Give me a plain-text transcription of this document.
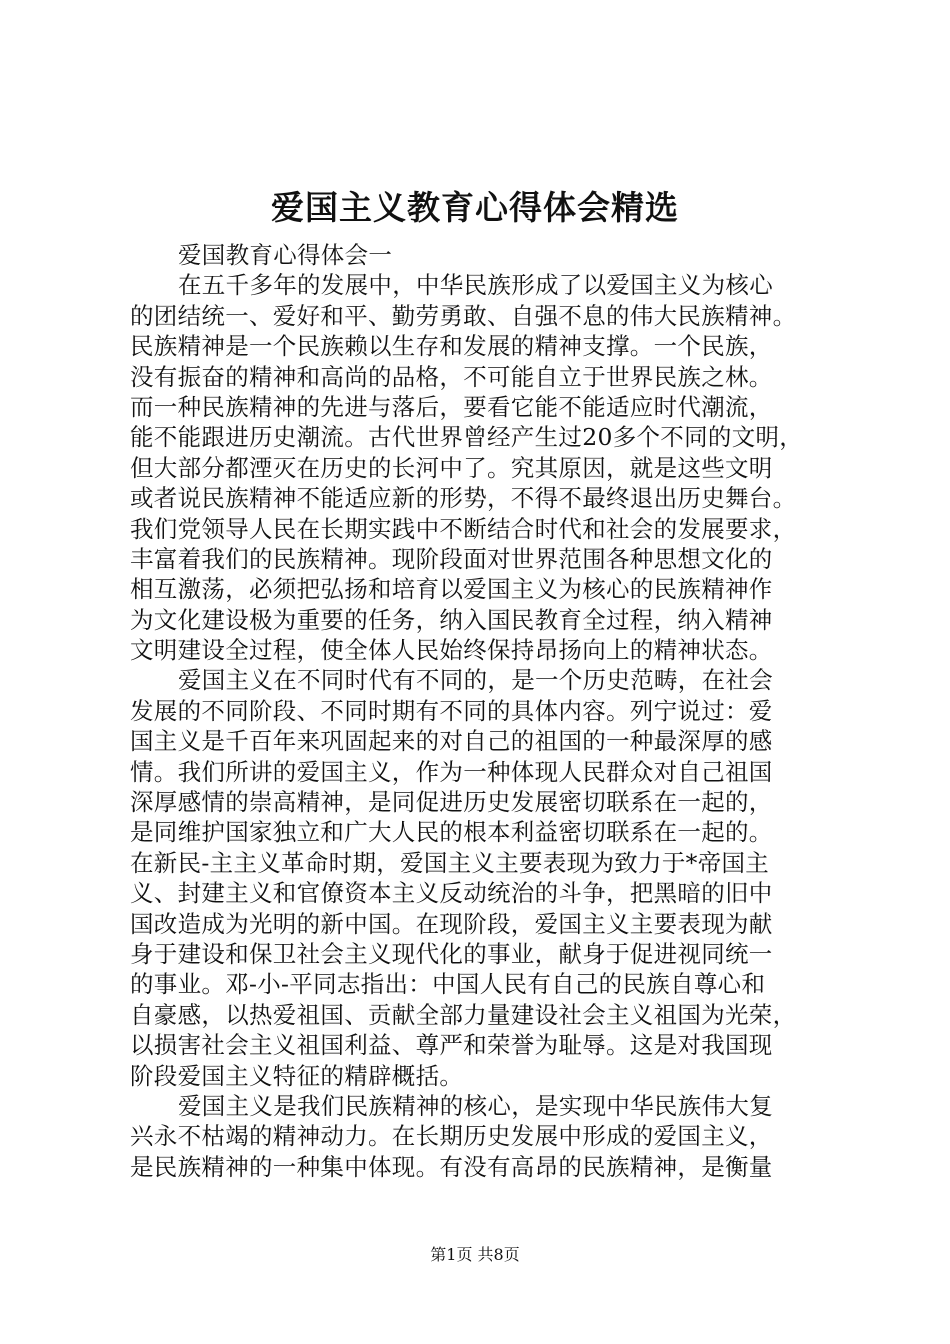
爱国主义教育心得体会精选
爱国教育心得体会一
在五千多年的发展中，中华民族形成了以爱国主义为核心
的团结统一、爱好和平、勤劳勇敢、自强不息的伟大民族精神。
民族精神是一个民族赖以生存和发展的精神支撑。一个民族，
没有振奋的精神和高尚的品格，不可能自立于世界民族之林。
而一种民族精神的先进与落后，要看它能不能适应时代潮流，
能不能跟进历史潮流。古代世界曾经产生过20多个不同的文明，
但大部分都湮灭在历史的长河中了。究其原因，就是这些文明
或者说民族精神不能适应新的形势，不得不最终退出历史舞台。
我们党领导人民在长期实践中不断结合时代和社会的发展要求，
丰富着我们的民族精神。现阶段面对世界范围各种思想文化的
相互激荡，必须把弘扬和培育以爱国主义为核心的民族精神作
为文化建设极为重要的任务，纳入国民教育全过程，纳入精神
文明建设全过程，使全体人民始终保持昂扬向上的精神状态。
爱国主义在不同时代有不同的，是一个历史范畴，在社会
发展的不同阶段、不同时期有不同的具体内容。列宁说过：爱
国主义是千百年来巩固起来的对自己的祖国的一种最深厚的感
情。我们所讲的爱国主义，作为一种体现人民群众对自己祖国
深厚感情的崇高精神，是同促进历史发展密切联系在一起的，
是同维护国家独立和广大人民的根本利益密切联系在一起的。
在新民-主主义革命时期，爱国主义主要表现为致力于*帝国主
义、封建主义和官僚资本主义反动统治的斗争，把黑暗的旧中
国改造成为光明的新中国。在现阶段，爱国主义主要表现为献
身于建设和保卫社会主义现代化的事业，献身于促进视同统一
的事业。邓-小-平同志指出：中国人民有自己的民族自尊心和
自豪感，以热爱祖国、贡献全部力量建设社会主义祖国为光荣，
以损害社会主义祖国利益、尊严和荣誉为耻辱。这是对我国现
阶段爱国主义特征的精辟概括。
爱国主义是我们民族精神的核心，是实现中华民族伟大复
兴永不枯竭的精神动力。在长期历史发展中形成的爱国主义，
是民族精神的一种集中体现。有没有高昂的民族精神，是衡量
第1页 共8页
